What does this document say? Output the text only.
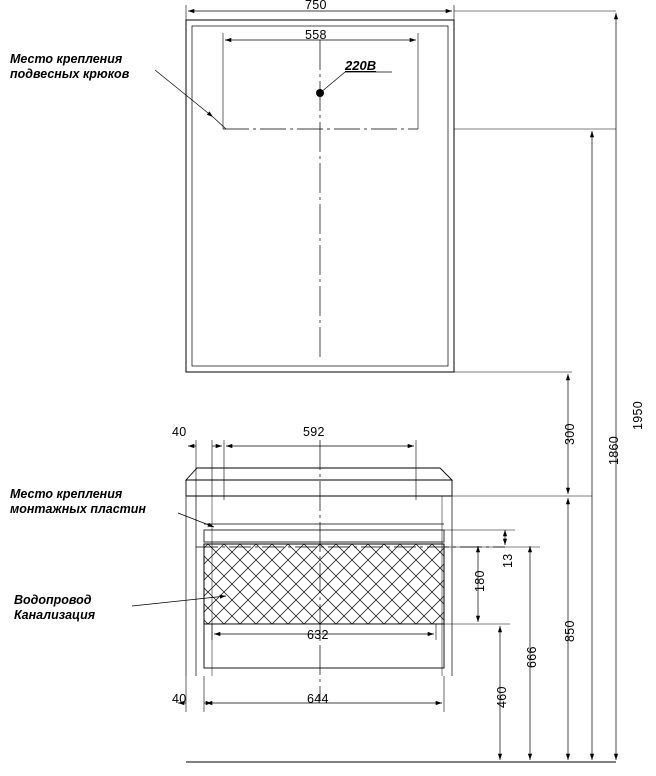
Место крепления
подвесных крюков
Место крепления
монтажных пластин
Водопровод
Канализация
220В
750
558
592
40
632
644
40
1950
1860
300
850
666
460
180
13
